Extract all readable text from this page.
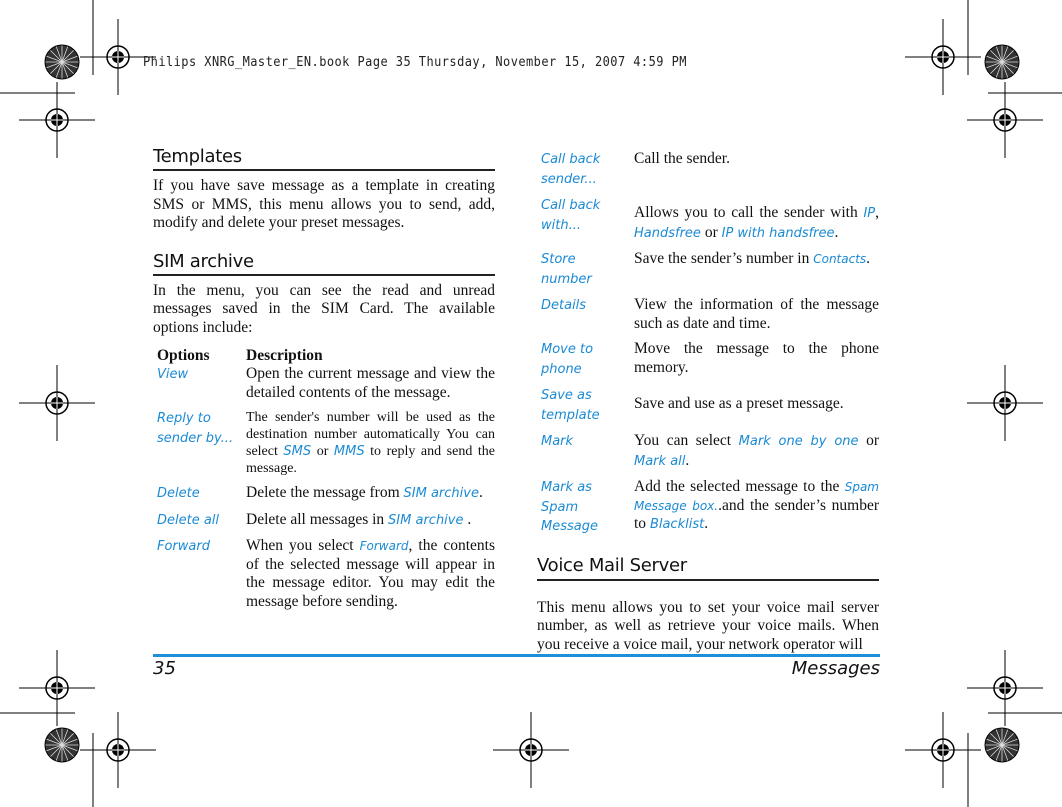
Philips XNRG_Master_EN.book Page 35 Thursday, November 15, 2007 4:59 PM
Templates

If you have save message as a template in creating SMS or MMS, this menu allows you to send, add, modify and delete your preset messages.

SIM archive

In the menu, you can see the read and unread messages saved in the SIM Card. The available options include:

Options	Description
View	Open the current message and view the detailed contents of the message.
Reply to
sender by...	The sender's number will be used as the destination number automatically You can select SMS or MMS to reply and send the message.
Delete	Delete the message from SIM archive.
Delete all	Delete all messages in SIM archive .
Forward	When you select Forward, the contents of the selected message will appear in the message editor. You may edit the message before sending.
Call back
sender...	Call the sender.
Call back
with...	Allows you to call the sender with IP, Handsfree or IP with handsfree.
Store
number	Save the sender’s number in Contacts.
Details	View the information of the message such as date and time.
Move to
phone	Move the message to the phone memory.
Save as
template	Save and use as a preset message.
Mark	You can select Mark one by one or Mark all.
Mark as
Spam
Message	Add the selected message to the Spam Message box..and the sender’s number to Blacklist.
Voice Mail Server

This menu allows you to set your voice mail server number, as well as retrieve your voice mails. When you receive a voice mail, your network operator will

35	Messages
